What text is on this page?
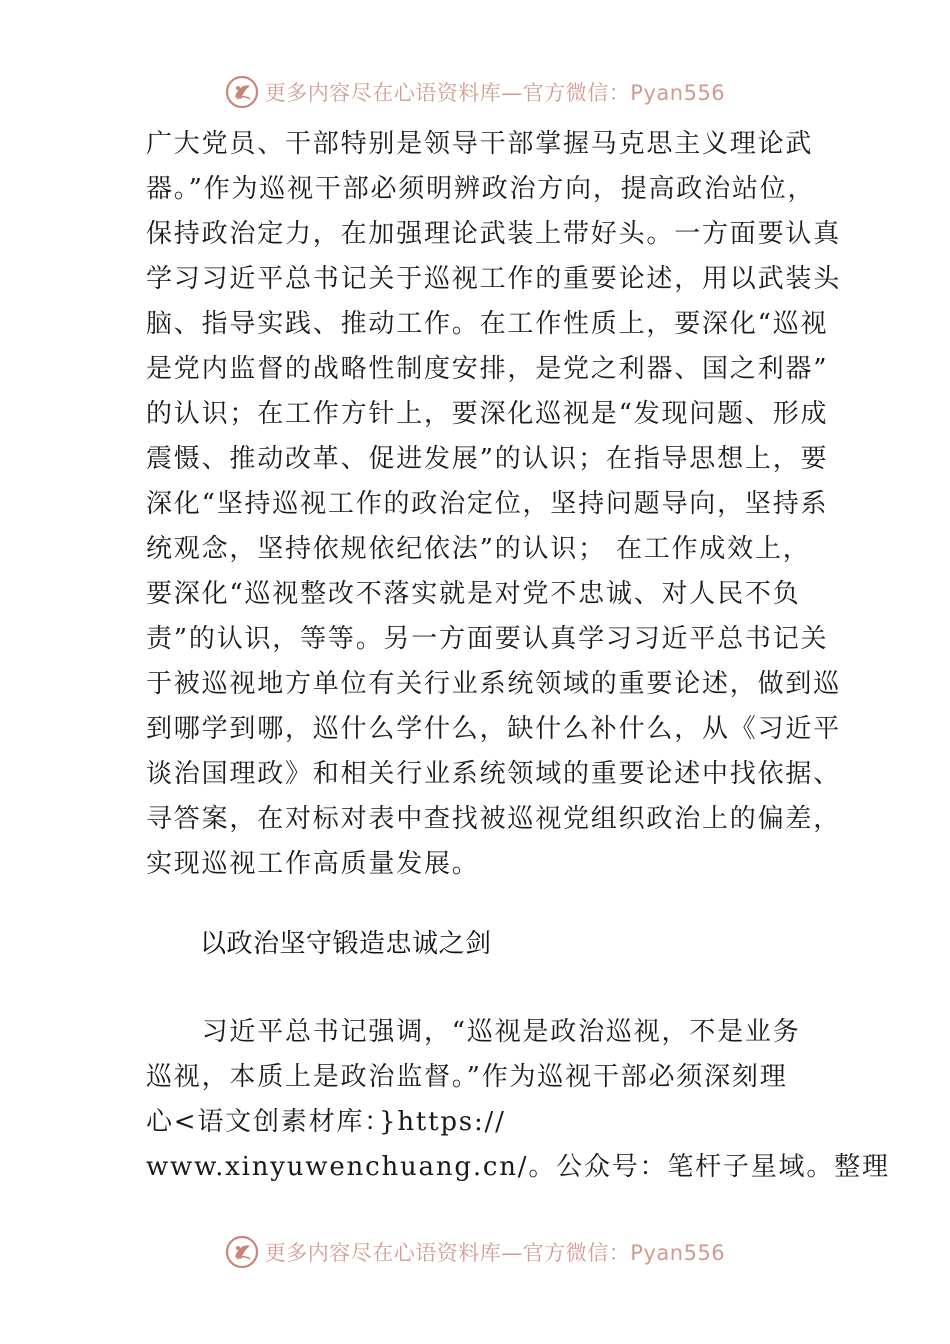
更多内容尽在心语资料库—官方微信：Pyan556
广大党员、干部特别是领导干部掌握马克思主义理论武
器。”作为巡视干部必须明辨政治方向，提高政治站位，
保持政治定力，在加强理论武装上带好头。一方面要认真
学习习近平总书记关于巡视工作的重要论述，用以武装头
脑、指导实践、推动工作。在工作性质上，要深化“巡视
是党内监督的战略性制度安排，是党之利器、国之利器”
的认识；在工作方针上，要深化巡视是“发现问题、形成
震慑、推动改革、促进发展”的认识；在指导思想上，要
深化“坚持巡视工作的政治定位，坚持问题导向，坚持系
统观念，坚持依规依纪依法”的认识； 在工作成效上，
要深化“巡视整改不落实就是对党不忠诚、对人民不负
责”的认识，等等。另一方面要认真学习习近平总书记关
于被巡视地方单位有关行业系统领域的重要论述，做到巡
到哪学到哪，巡什么学什么，缺什么补什么，从《习近平
谈治国理政》和相关行业系统领域的重要论述中找依据、
寻答案，在对标对表中查找被巡视党组织政治上的偏差，
实现巡视工作高质量发展。
以政治坚守锻造忠诚之剑
　　习近平总书记强调，“巡视是政治巡视，不是业务
巡视，本质上是政治监督。”作为巡视干部必须深刻理
心<语文创素材库：}https://
www.xinyuwenchuang.cn/。公众号：笔杆子星域。整理
更多内容尽在心语资料库—官方微信：Pyan556
